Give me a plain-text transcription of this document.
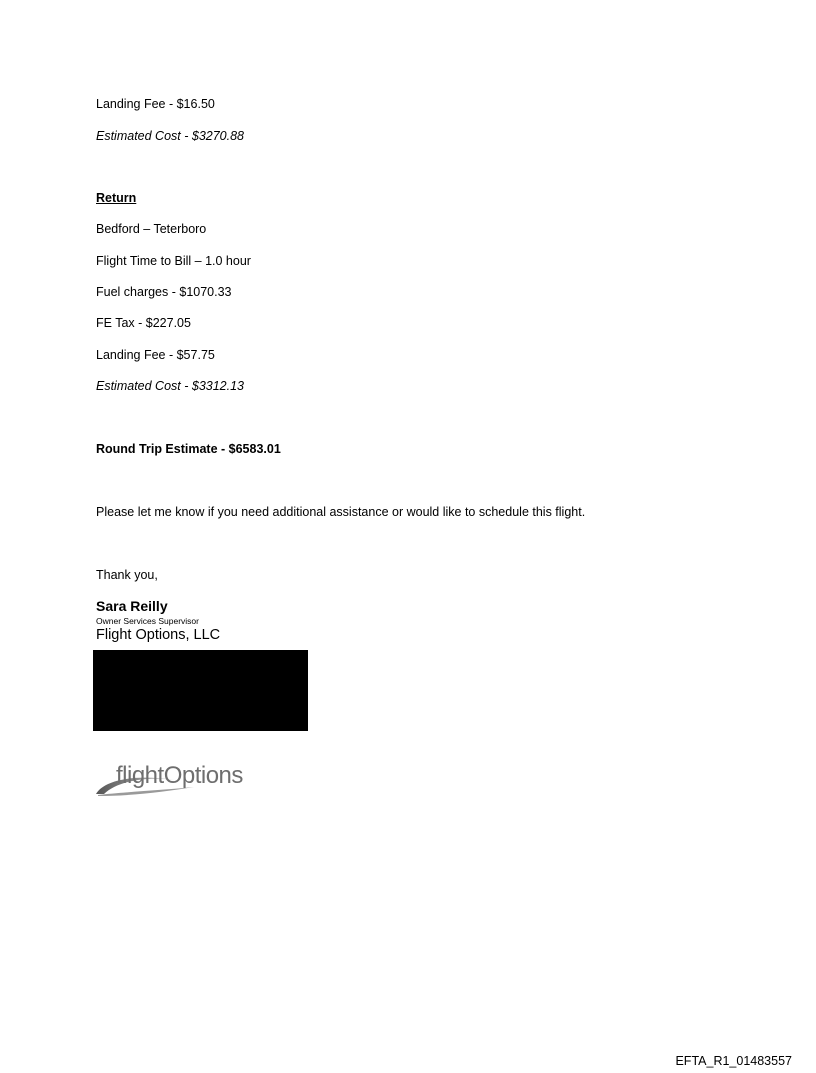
Landing Fee - $16.50
Estimated Cost - $3270.88
Return
Bedford – Teterboro
Flight Time to Bill – 1.0 hour
Fuel charges - $1070.33
FE Tax - $227.05
Landing Fee - $57.75
Estimated Cost - $3312.13
Round Trip Estimate - $6583.01
Please let me know if you need additional assistance or would like to schedule this flight.
Thank you,
Sara Reilly
Owner Services Supervisor
Flight Options, LLC
flightOptions
EFTA_R1_01483557
